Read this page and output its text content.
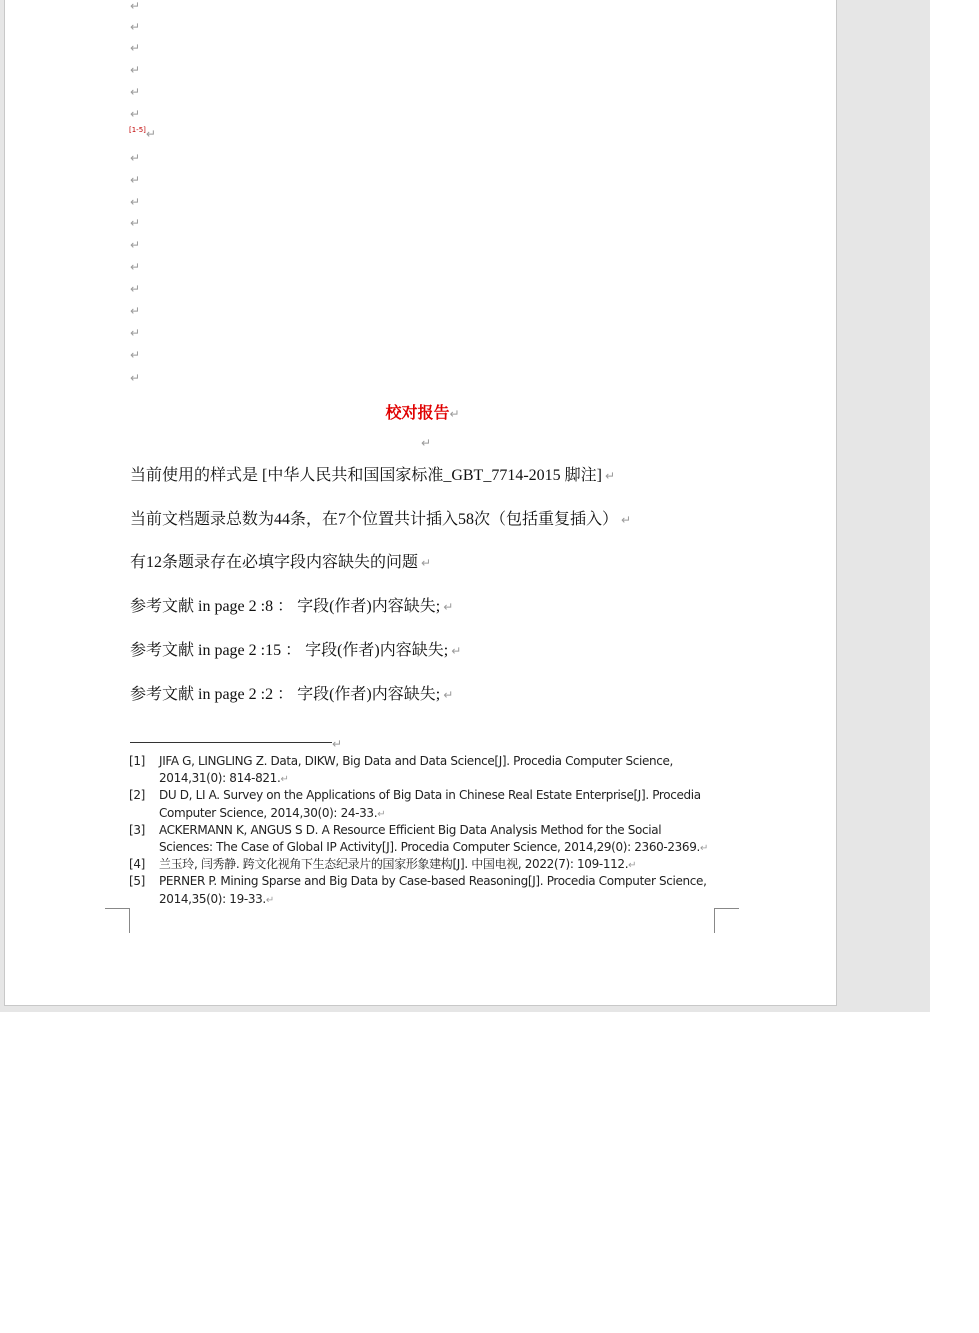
↵
↵
↵
↵
↵
↵
[1-5]↵
↵
↵
↵
↵
↵
↵
↵
↵
↵
↵
↵
校对报告↵
↵
当前使用的样式是 [中华人民共和国国家标准_GBT_7714-2015 脚注] ↵
当前文档题录总数为44条，在7个位置共计插入58次（包括重复插入） ↵
有12条题录存在必填字段内容缺失的问题 ↵
参考文献 in page 2 :8 ： 字段(作者)内容缺失; ↵
参考文献 in page 2 :15 ： 字段(作者)内容缺失; ↵
参考文献 in page 2 :2 ： 字段(作者)内容缺失; ↵
↵
[1]	JIFA G, LINGLING Z. Data, DIKW, Big Data and Data Science[J]. Procedia Computer Science, 2014,31(0): 814-821.↵
[2]	DU D, LI A. Survey on the Applications of Big Data in Chinese Real Estate Enterprise[J]. Procedia Computer Science, 2014,30(0): 24-33.↵
[3]	ACKERMANN K, ANGUS S D. A Resource Efficient Big Data Analysis Method for the Social Sciences: The Case of Global IP Activity[J]. Procedia Computer Science, 2014,29(0): 2360-2369.↵
[4]	兰玉玲, 闫秀静. 跨文化视角下生态纪录片的国家形象建构[J]. 中国电视, 2022(7): 109-112.↵
[5]	PERNER P. Mining Sparse and Big Data by Case-based Reasoning[J]. Procedia Computer Science, 2014,35(0): 19-33.↵
